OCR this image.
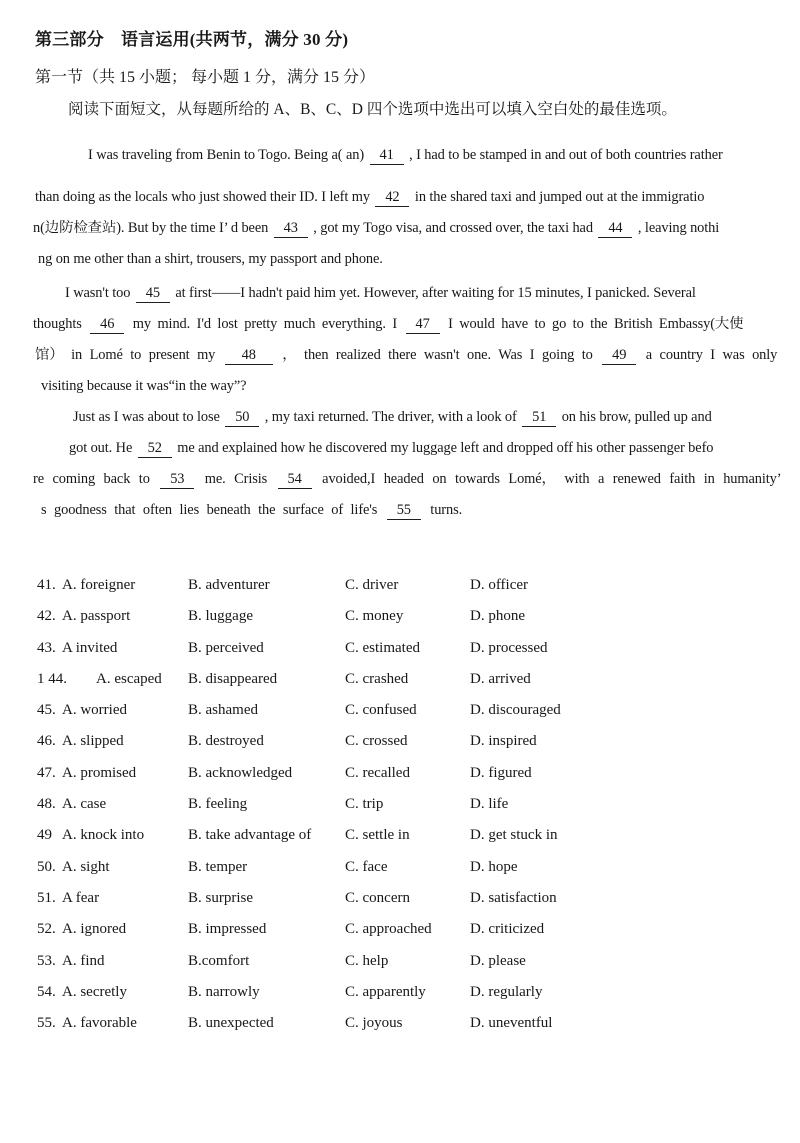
第三部分　语言运用(共两节，满分 30 分)
第一节（共 15 小题； 每小题 1 分，满分 15 分）
阅读下面短文，从每题所给的 A、B、C、D 四个选项中选出可以填入空白处的最佳选项。
I was traveling from Benin to Togo. Being a( an) 41 , I had to be stamped in and out of both countries rather
than doing as the locals who just showed their ID. I left my 42 in the shared taxi and jumped out at the immigratio
n(边防检查站). But by the time I’ d been 43 , got my Togo visa, and crossed over, the taxi had 44 , leaving nothi
ng on me other than a shirt, trousers, my passport and phone.
I wasn't too 45 at first——I hadn't paid him yet. However, after waiting for 15 minutes, I panicked. Several
thoughts 46 my mind. I'd lost pretty much everything. I 47 I would have to go to the British Embassy(大使
馆） in Lomé to present my 48 ， then realized there wasn't one. Was I going to 49 a country I was only
visiting because it was“in the way”?
Just as I was about to lose 50 , my taxi returned. The driver, with a look of 51 on his brow, pulled up and
got out. He 52 me and explained how he discovered my luggage left and dropped off his other passenger befo
re coming back to 53 me. Crisis 54 avoided,I headed on towards Lomé， with a renewed faith in humanity’
s goodness that often lies beneath the surface of life's 55 turns.
41. A. foreigner	B. adventurer	C. driver	D. officer
42. A. passport	B. luggage	C. money	D. phone
43. A invited	B. perceived	C. estimated	D. processed
1 44.	A. escaped	B. disappeared	C. crashed	D. arrived
45. A. worried	B. ashamed	C. confused	D. discouraged
46. A. slipped	B. destroyed	C. crossed	D. inspired
47. A. promised	B. acknowledged	C. recalled	D. figured
48. A. case	B. feeling	C. trip	D. life
49 A. knock into	B. take advantage of	C. settle in	D. get stuck in
50. A. sight	B. temper	C. face	D. hope
51. A fear	B. surprise	C. concern	D. satisfaction
52. A. ignored	B. impressed	C. approached	D. criticized
53. A. find	B.comfort	C. help	D. please
54. A. secretly	B. narrowly	C. apparently	D. regularly
55. A. favorable	B. unexpected	C. joyous	D. uneventful
